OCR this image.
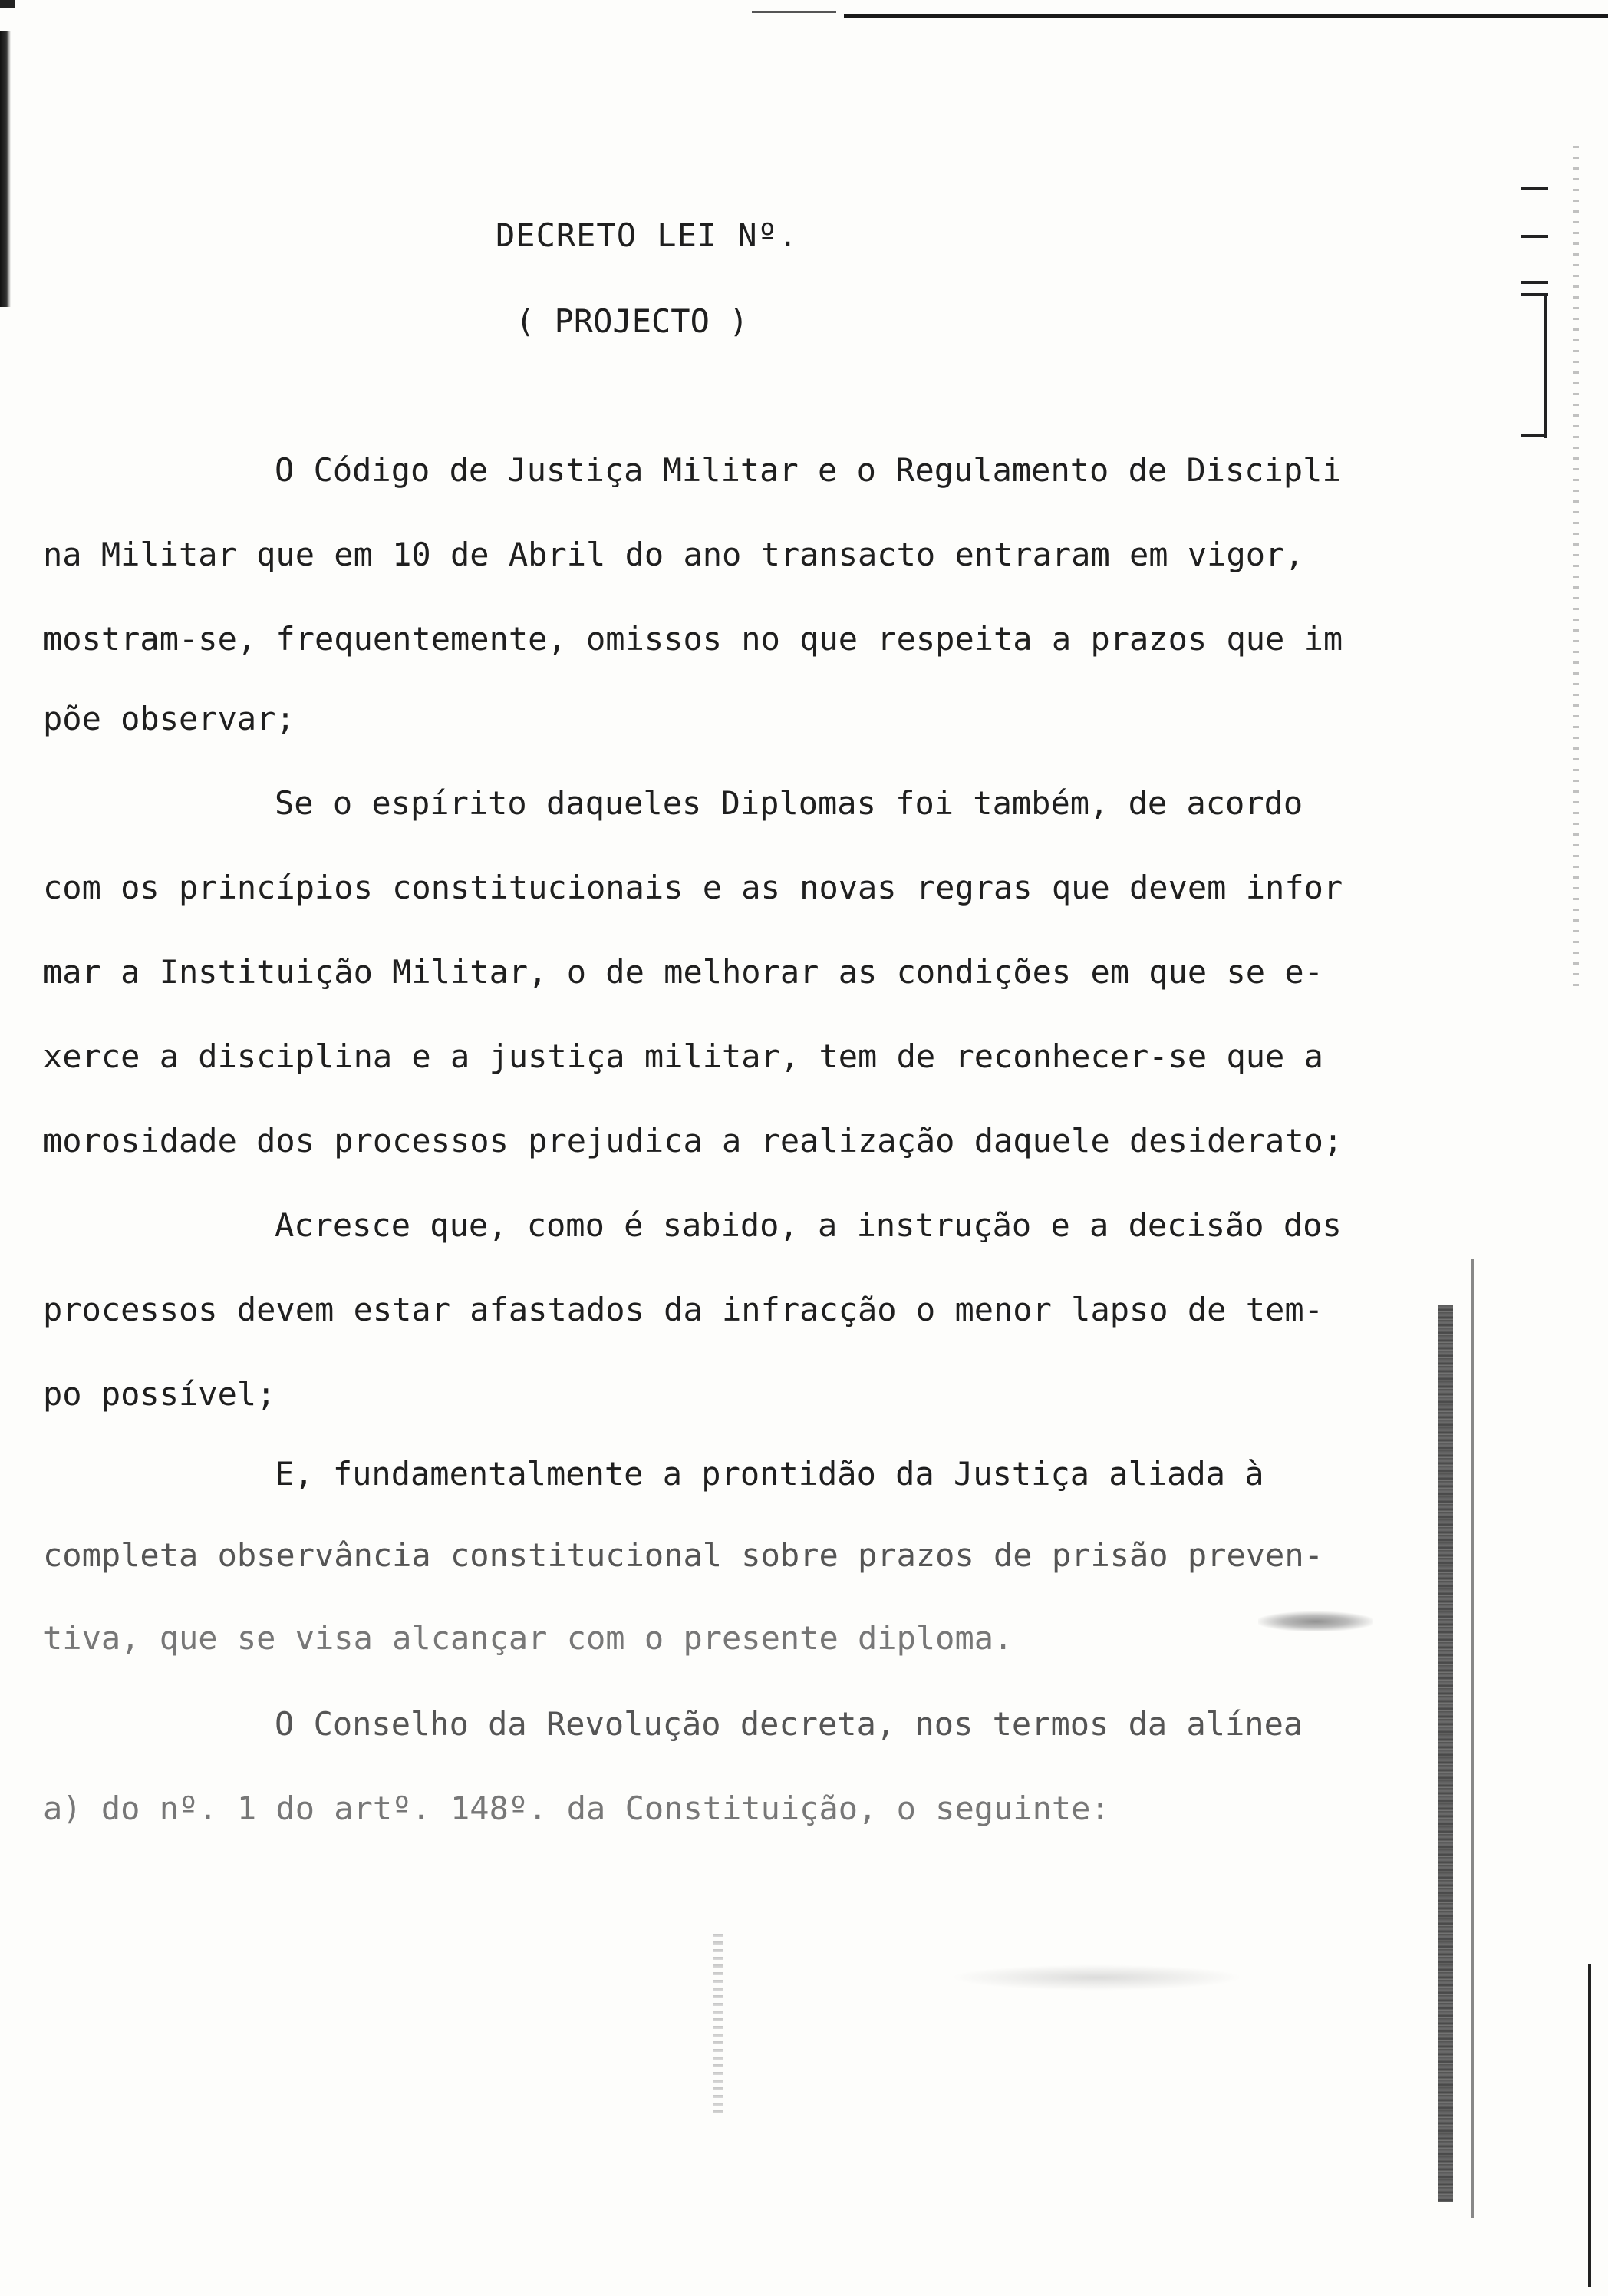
DECRETO LEI Nº.
( PROJECTO )
O Código de Justiça Militar e o Regulamento de Discipli
na Militar que em 10 de Abril do ano transacto entraram em vigor,
mostram-se, frequentemente, omissos no que respeita a prazos que im
põe observar;
Se o espírito daqueles Diplomas foi também, de acordo
com os princípios constitucionais e as novas regras que devem infor
mar a Instituição Militar, o de melhorar as condições em que se e-
xerce a disciplina e a justiça militar, tem de reconhecer-se que a
morosidade dos processos prejudica a realização daquele desiderato;
Acresce que, como é sabido, a instrução e a decisão dos
processos devem estar afastados da infracção o menor lapso de tem-
po possível;
E, fundamentalmente a prontidão da Justiça aliada à
completa observância constitucional sobre prazos de prisão preven-
tiva, que se visa alcançar com o presente diploma.
O Conselho da Revolução decreta, nos termos da alínea
a) do nº. 1 do artº. 148º. da Constituição, o seguinte:
